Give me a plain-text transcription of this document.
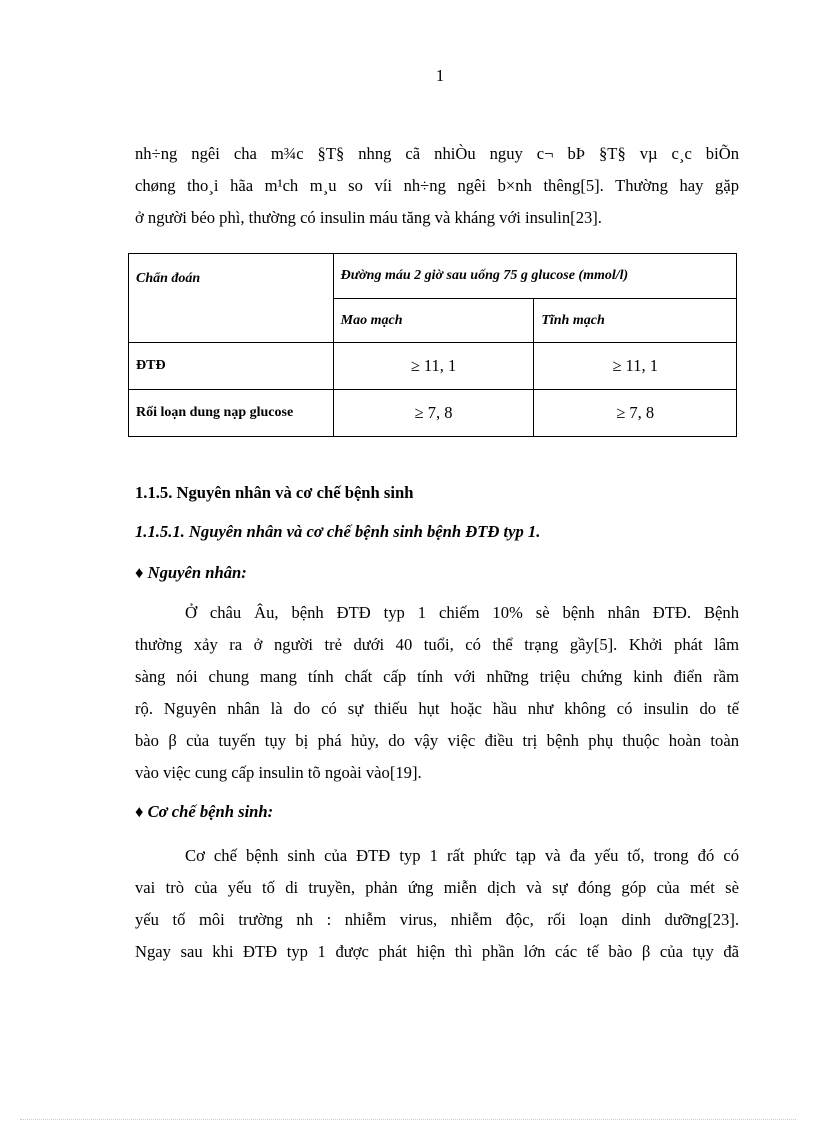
1

nh÷ng ngêi cha m¾c §T§ nhng cã nhiÒu nguy c¬ bÞ §T§ vµ c¸c biÕn
chøng tho¸i hãa m¹ch m¸u so víi nh÷ng ngêi b×nh thêng[5]. Thường hay gặp
ở người béo phì, thường có insulin máu tăng và kháng với insulin[23].

Chẩn đoán	Đường máu 2 giờ sau uống 75 g glucose (mmol/l)	
	Mao mạch	Tĩnh mạch
ĐTĐ	≥ 11, 1	≥ 11, 1
Rối loạn dung nạp glucose	≥ 7, 8	≥ 7, 8

1.1.5. Nguyên nhân và cơ chế bệnh sinh

1.1.5.1. Nguyên nhân và cơ chế bệnh sinh bệnh ĐTĐ typ 1.

♦ Nguyên nhân:

Ở châu Âu, bệnh ĐTĐ typ 1 chiếm 10% sè bệnh nhân ĐTĐ. Bệnh
thường xảy ra ở người trẻ dưới 40 tuổi, có thể trạng gầy[5]. Khởi phát lâm
sàng nói chung mang tính chất cấp tính với những triệu chứng kinh điển rầm
rộ. Nguyên nhân là do có sự thiếu hụt hoặc hầu như không có insulin do tế
bào β của tuyến tụy bị phá hủy, do vậy việc điều trị bệnh phụ thuộc hoàn toàn
vào việc cung cấp insulin tõ ngoài vào[19].

♦ Cơ chế bệnh sinh:

Cơ chế bệnh sinh của ĐTĐ typ 1 rất phức tạp và đa yếu tố, trong đó có
vai trò của yếu tố di truyền, phản ứng miễn dịch và sự đóng góp của mét sè
yếu tố môi trường nh : nhiễm virus, nhiễm độc, rối loạn dinh dưỡng[23].
Ngay sau khi ĐTĐ typ 1 được phát hiện thì phần lớn các tế bào β của tụy đã
